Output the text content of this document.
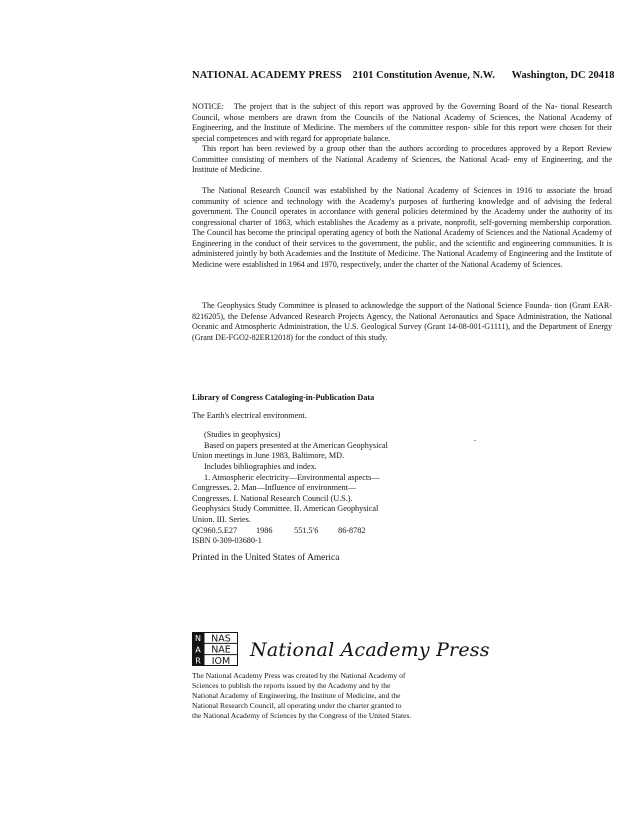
NATIONAL ACADEMY PRESS 2101 Constitution Avenue, N.W. Washington, DC 20418

NOTICE: The project that is the subject of this report was approved by the Governing Board of the Na- tional Research Council, whose members are drawn from the Councils of the National Academy of Sciences, the National Academy of Engineering, and the Institute of Medicine. The members of the committee respon- sible for this report were chosen for their special competences and with regard for appropriate balance.

This report has been reviewed by a group other than the authors according to procedures approved by a Report Review Committee consisting of members of the National Academy of Sciences, the National Acad- emy of Engineering, and the Institute of Medicine.

The National Research Council was established by the National Academy of Sciences in 1916 to associate the broad community of science and technology with the Academy's purposes of furthering knowledge and of advising the federal government. The Council operates in accordance with general policies determined by the Academy under the authority of its congressional charter of 1863, which establishes the Academy as a private, nonprofit, self-governing membership corporation. The Council has become the principal operating agency of both the National Academy of Sciences and the National Academy of Engineering in the conduct of their services to the government, the public, and the scientific and engineering communities. It is administered jointly by both Academies and the Institute of Medicine. The National Academy of Engineering and the Institute of Medicine were established in 1964 and 1970, respectively, under the charter of the National Academy of Sciences.

The Geophysics Study Committee is pleased to acknowledge the support of the National Science Founda- tion (Grant EAR-8216205), the Defense Advanced Research Projects Agency, the National Aeronautics and Space Administration, the National Oceanic and Atmospheric Administration, the U.S. Geological Survey (Grant 14-08-001-G1111), and the Department of Energy (Grant DE-FGO2-82ER12018) for the conduct of this study.

Library of Congress Cataloging-in-Publication Data
The Earth's electrical environment.
(Studies in geophysics)
Based on papers presented at the American Geophysical
Union meetings in June 1983, Baltimore, MD.
Includes bibliographies and index.
1. Atmospheric electricity—Environmental aspects—
Congresses. 2. Man—Influence of environment—
Congresses. I. National Research Council (U.S.).
Geophysics Study Committee. II. American Geophysical
Union. III. Series.
QC960.5.E27 1986	551.5′6 86-8782
ISBN 0-309-03680-1
Printed in the United States of America
N NAS
A NAE
R IOM
National Academy Press
The National Academy Press was created by the National Academy of
Sciences to publish the reports issued by the Academy and by the
National Academy of Engineering, the Institute of Medicine, and the
National Research Council, all operating under the charter granted to
the National Academy of Sciences by the Congress of the United States.
